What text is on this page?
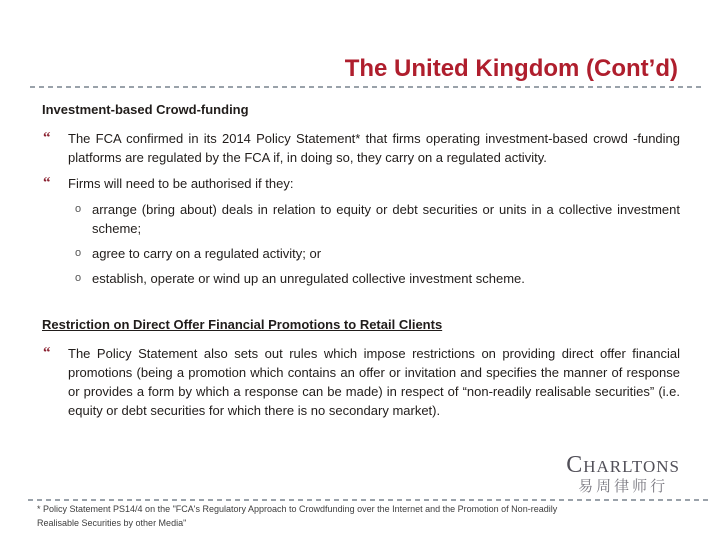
The United Kingdom (Cont’d)
Investment-based Crowd-funding
“	The FCA confirmed in its 2014 Policy Statement* that firms operating investment-based crowd -funding platforms are regulated by the FCA if, in doing so, they carry on a regulated activity.

“	Firms will need to be authorised if they:

o arrange (bring about) deals in relation to equity or debt securities or units in a collective investment scheme;

o agree to carry on a regulated activity; or

o establish, operate or wind up an unregulated collective investment scheme.

Restriction on Direct Offer Financial Promotions to Retail Clients
“	The Policy Statement also sets out rules which impose restrictions on providing direct offer financial promotions (being a promotion which contains an offer or invitation and specifies the manner of response or provides a form by which a response can be made) in respect of “non-readily realisable securities” (i.e. equity or debt securities for which there is no secondary market).

Charltons
易周律师行
* Policy Statement PS14/4 on the "FCA's Regulatory Approach to Crowdfunding over the Internet and the Promotion of Non-readily
Realisable Securities by other Media"
